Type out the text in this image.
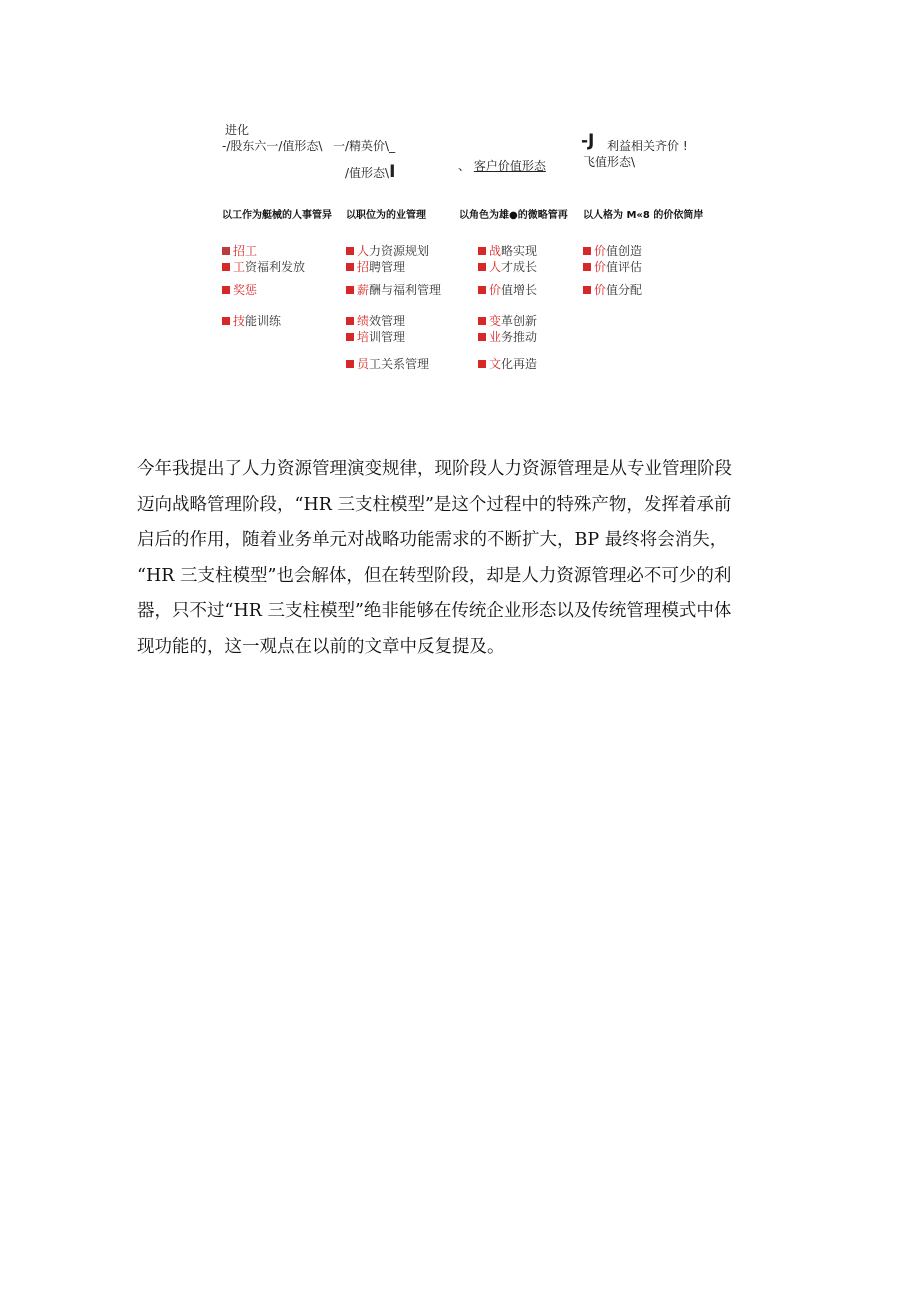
进化
-/股东六一/值形态\ 一/精英价\_
/值形态\I	、 客户价值形态
-J 利益相关齐价 !
飞值形态\
以工作为艇械的人事管异 以职位为的业管理	以角色为雄●的微略管再 以人格为 M«8 的价依筒岸
招工
工资福利发放
奖惩
技能训练
人力资源规划
招聘管理
薪酬与福利管理
绩效管理
培训管理
员工关系管理
战略实现
人才成长
价值增长
变革创新
业务推动
文化再造
价值创造
价值评估
价值分配

今年我提出了人力资源管理演变规律，现阶段人力资源管理是从专业管理阶段

迈向战略管理阶段，“HR 三支柱模型”是这个过程中的特殊产物，发挥着承前

启后的作用，随着业务单元对战略功能需求的不断扩大，BP 最终将会消失，

“HR 三支柱模型”也会解体，但在转型阶段，却是人力资源管理必不可少的利

器，只不过“HR 三支柱模型”绝非能够在传统企业形态以及传统管理模式中体

现功能的，这一观点在以前的文章中反复提及。
